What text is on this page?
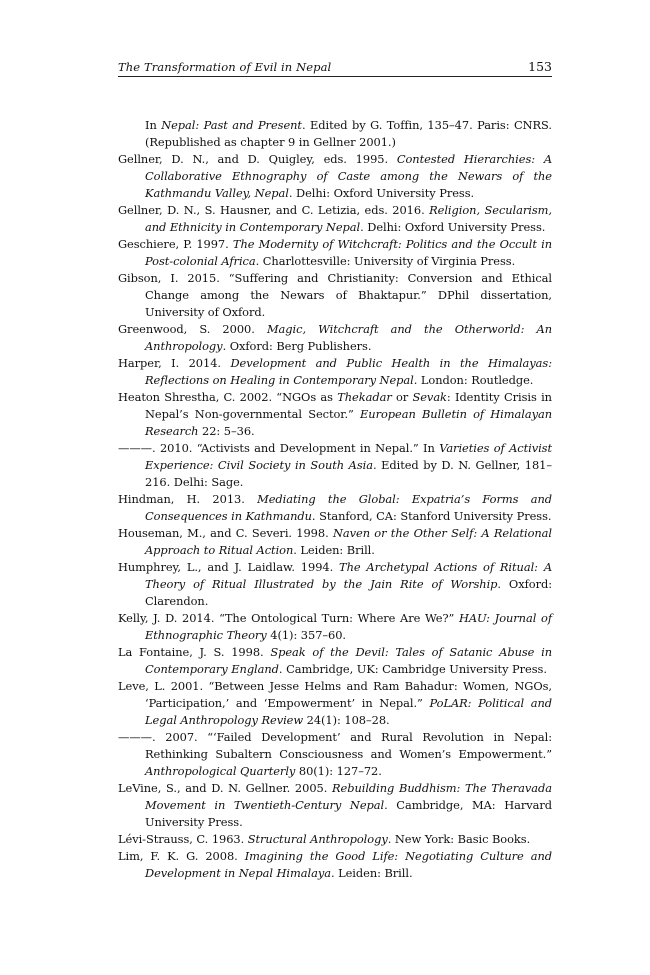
The Transformation of Evil in Nepal	153
In Nepal: Past and Present. Edited by G. Toffin, 135–47. Paris: CNRS. (Republished as chapter 9 in Gellner 2001.)
Gellner, D. N., and D. Quigley, eds. 1995. Contested Hierarchies: A Collaborative Ethnography of Caste among the Newars of the Kathmandu Valley, Nepal. Delhi: Oxford University Press.
Gellner, D. N., S. Hausner, and C. Letizia, eds. 2016. Religion, Secularism, and Ethnicity in Contemporary Nepal. Delhi: Oxford University Press.
Geschiere, P. 1997. The Modernity of Witchcraft: Politics and the Occult in Post-colonial Africa. Charlottesville: University of Virginia Press.
Gibson, I. 2015. “Suffering and Christianity: Conversion and Ethical Change among the Newars of Bhaktapur.” DPhil dissertation, University of Oxford.
Greenwood, S. 2000. Magic, Witchcraft and the Otherworld: An Anthropology. Oxford: Berg Publishers.
Harper, I. 2014. Development and Public Health in the Himalayas: Reflections on Healing in Contemporary Nepal. London: Routledge.
Heaton Shrestha, C. 2002. “NGOs as Thekadar or Sevak: Identity Crisis in Nepal’s Non-governmental Sector.” European Bulletin of Himalayan Research 22: 5–36.
———. 2010. “Activists and Development in Nepal.” In Varieties of Activist Experience: Civil Society in South Asia. Edited by D. N. Gellner, 181–216. Delhi: Sage.
Hindman, H. 2013. Mediating the Global: Expatria’s Forms and Consequences in Kathmandu. Stanford, CA: Stanford University Press.
Houseman, M., and C. Severi. 1998. Naven or the Other Self: A Relational Approach to Ritual Action. Leiden: Brill.
Humphrey, L., and J. Laidlaw. 1994. The Archetypal Actions of Ritual: A Theory of Ritual Illustrated by the Jain Rite of Worship. Oxford: Clarendon.
Kelly, J. D. 2014. “The Ontological Turn: Where Are We?” HAU: Journal of Ethnographic Theory 4(1): 357–60.
La Fontaine, J. S. 1998. Speak of the Devil: Tales of Satanic Abuse in Contemporary England. Cambridge, UK: Cambridge University Press.
Leve, L. 2001. “Between Jesse Helms and Ram Bahadur: Women, NGOs, ‘Participation,’ and ‘Empowerment’ in Nepal.” PoLAR: Political and Legal Anthropology Review 24(1): 108–28.
———. 2007. “‘Failed Development’ and Rural Revolution in Nepal: Rethinking Subaltern Consciousness and Women’s Empowerment.” Anthropological Quarterly 80(1): 127–72.
LeVine, S., and D. N. Gellner. 2005. Rebuilding Buddhism: The Theravada Movement in Twentieth-Century Nepal. Cambridge, MA: Harvard University Press.
Lévi-Strauss, C. 1963. Structural Anthropology. New York: Basic Books.
Lim, F. K. G. 2008. Imagining the Good Life: Negotiating Culture and Development in Nepal Himalaya. Leiden: Brill.
